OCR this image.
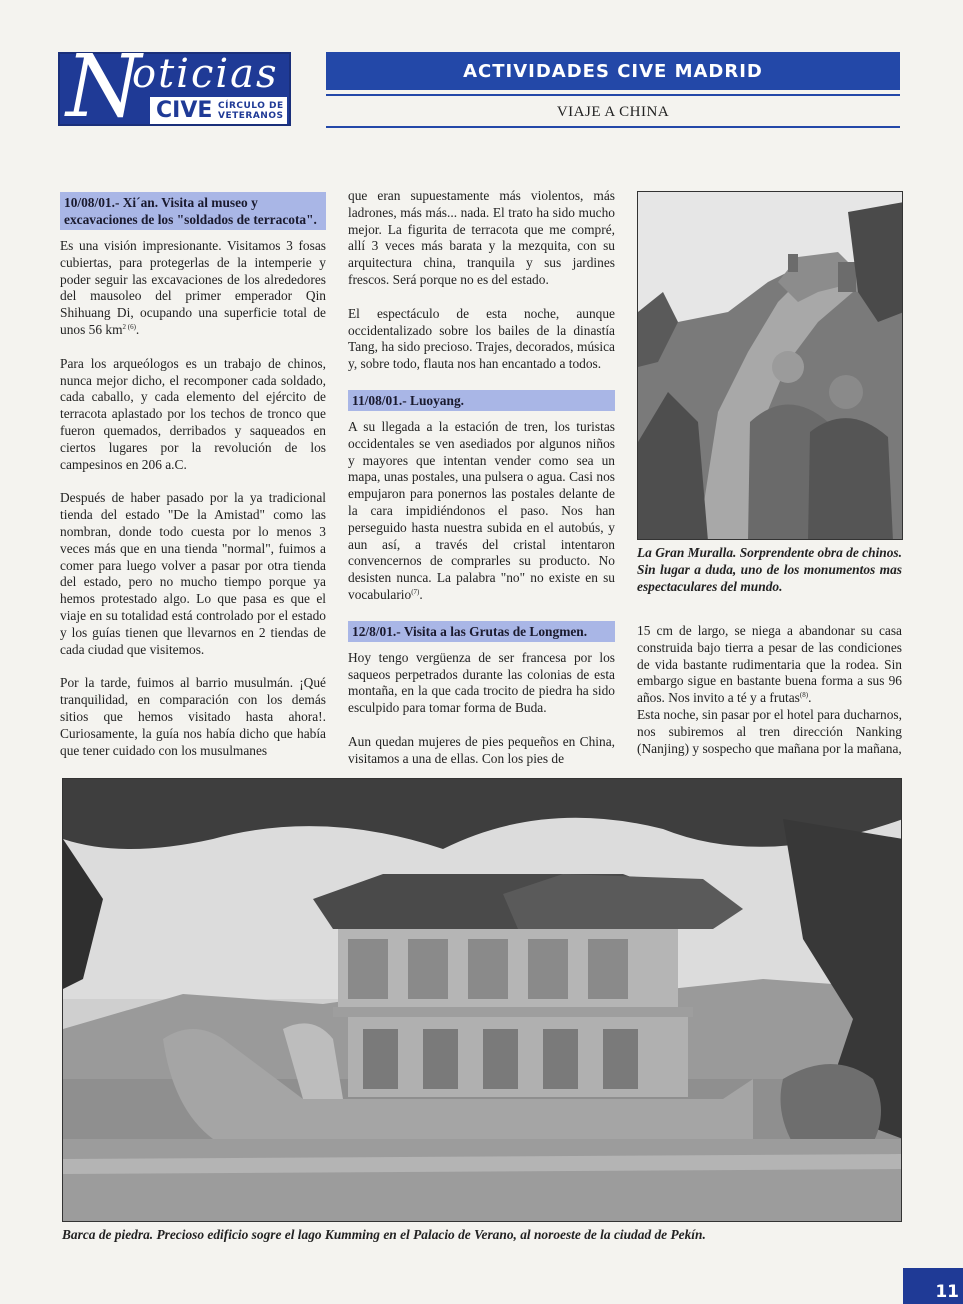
N
oticias
CIVE CÍRCULO DE
VETERANOS
ACTIVIDADES CIVE MADRID
VIAJE A CHINA
10/08/01.- Xi´an. Visita al museo y excavaciones de los "soldados de terracota".

Es una visión impresionante. Visitamos 3 fosas cubiertas, para protegerlas de la intemperie y poder seguir las excavaciones de los alrededores del mausoleo del primer emperador Qin Shihuang Di, ocupando una superficie total de unos 56 $km^{2 (6)}$.

Para los arqueólogos es un trabajo de chinos, nunca mejor dicho, el recomponer cada soldado, cada caballo, y cada elemento del ejército de terracota aplastado por los techos de tronco que fueron quemados, derribados y saqueados en ciertos lugares por la revolución de los campesinos en 206 a.C.

Después de haber pasado por la ya tradicional tienda del estado "De la Amistad" como las nombran, donde todo cuesta por lo menos 3 veces más que en una tienda "normal", fuimos a comer para luego volver a pasar por otra tienda del estado, pero no mucho tiempo porque ya hemos protestado algo. Lo que pasa es que el viaje en su totalidad está controlado por el estado y los guías tienen que llevarnos en 2 tiendas de cada ciudad que visitemos.

Por la tarde, fuimos al barrio musulmán. ¡Qué tranquilidad, en comparación con los demás sitios que hemos visitado hasta ahora!. Curiosamente, la guía nos había dicho que había que tener cuidado con los musulmanes

que eran supuestamente más violentos, más ladrones, más más... nada. El trato ha sido mucho mejor. La figurita de terracota que me compré, allí 3 veces más barata y la mezquita, con su arquitectura china, tranquila y sus jardines frescos. Será porque no es del estado.

El espectáculo de esta noche, aunque occidentalizado sobre los bailes de la dinastía Tang, ha sido precioso. Trajes, decorados, música y, sobre todo, flauta nos han encantado a todos.

11/08/01.- Luoyang.

A su llegada a la estación de tren, los turistas occidentales se ven asediados por algunos niños y mayores que intentan vender como sea un mapa, unas postales, una pulsera o agua. Casi nos empujaron para ponernos las postales delante de la cara impidiéndonos el paso. Nos han perseguido hasta nuestra subida en el autobús, y aun así, a través del cristal intentaron convencernos de comprarles su producto. No desisten nunca. La palabra "no" no existe en su vocabulario$^{(7)}$.

12/8/01.- Visita a las Grutas de Longmen.

Hoy tengo vergüenza de ser francesa por los saqueos perpetrados durante las colonias de esta montaña, en la que cada trocito de piedra ha sido esculpido para tomar forma de Buda.

Aun quedan mujeres de pies pequeños en China, visitamos a una de ellas. Con los pies de

La Gran Muralla. Sorprendente obra de chinos. Sin lugar a duda, uno de los monumentos mas espectaculares del mundo.

15 cm de largo, se niega a abandonar su casa construida bajo tierra a pesar de las condiciones de vida bastante rudimentaria que la rodea. Sin embargo sigue en bastante buena forma a sus 96 años. Nos invito a té y a frutas$^{(8)}$.

Esta noche, sin pasar por el hotel para ducharnos, nos subiremos al tren dirección Nanking (Nanjing) y sospecho que mañana por la mañana,

Barca de piedra. Precioso edificio sogre el lago Kumming en el Palacio de Verano, al noroeste de la ciudad de Pekín.
11
